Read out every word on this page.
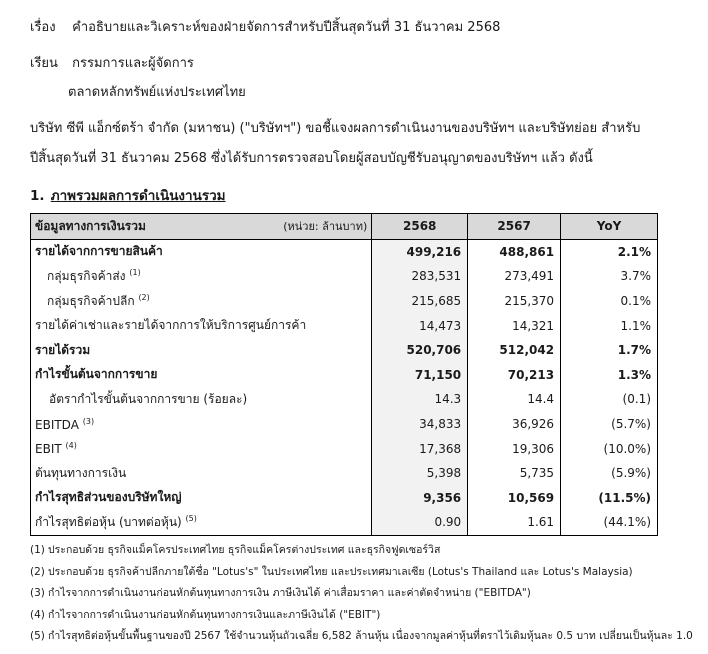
เรื่อง คำอธิบายและวิเคราะห์ของฝ่ายจัดการสำหรับปีสิ้นสุดวันที่ 31 ธันวาคม 2568
เรียน กรรมการและผู้จัดการ
ตลาดหลักทรัพย์แห่งประเทศไทย
บริษัท ซีพี แอ็กซ์ตร้า จำกัด (มหาชน) ("บริษัทฯ") ขอชี้แจงผลการดำเนินงานของบริษัทฯ และบริษัทย่อย สำหรับ
ปีสิ้นสุดวันที่ 31 ธันวาคม 2568 ซึ่งได้รับการตรวจสอบโดยผู้สอบบัญชีรับอนุญาตของบริษัทฯ แล้ว ดังนี้
1. ภาพรวมผลการดำเนินงานรวม
ข้อมูลทางการเงินรวม (หน่วย: ล้านบาท)	2568	2567	YoY
รายได้จากการขายสินค้า	499,216	488,861	2.1%
กลุ่มธุรกิจค้าส่ง $^{(1)}$	283,531	273,491	3.7%
กลุ่มธุรกิจค้าปลีก $^{(2)}$	215,685	215,370	0.1%
รายได้ค่าเช่าและรายได้จากการให้บริการศูนย์การค้า	14,473	14,321	1.1%
รายได้รวม	520,706	512,042	1.7%
กำไรขั้นต้นจากการขาย	71,150	70,213	1.3%
อัตรากำไรขั้นต้นจากการขาย (ร้อยละ)	14.3	14.4	(0.1)
EBITDA $^{(3)}$	34,833	36,926	(5.7%)
EBIT $^{(4)}$	17,368	19,306	(10.0%)
ต้นทุนทางการเงิน	5,398	5,735	(5.9%)
กำไรสุทธิส่วนของบริษัทใหญ่	9,356	10,569	(11.5%)
กำไรสุทธิต่อหุ้น (บาทต่อหุ้น) $^{(5)}$	0.90	1.61	(44.1%)
(1) ประกอบด้วย ธุรกิจแม็คโครประเทศไทย ธุรกิจแม็คโครต่างประเทศ และธุรกิจฟูดเซอร์วิส
(2) ประกอบด้วย ธุรกิจค้าปลีกภายใต้ชื่อ "Lotus's" ในประเทศไทย และประเทศมาเลเซีย (Lotus's Thailand และ Lotus's Malaysia)
(3) กำไรจากการดำเนินงานก่อนหักต้นทุนทางการเงิน ภาษีเงินได้ ค่าเสื่อมราคา และค่าตัดจำหน่าย ("EBITDA")
(4) กำไรจากการดำเนินงานก่อนหักต้นทุนทางการเงินและภาษีเงินได้ ("EBIT")
(5) กำไรสุทธิต่อหุ้นขั้นพื้นฐานของปี 2567 ใช้จำนวนหุ้นถัวเฉลี่ย 6,582 ล้านหุ้น เนื่องจากมูลค่าหุ้นที่ตราไว้เดิมหุ้นละ 0.5 บาท เปลี่ยนเป็นหุ้นละ 1.0
